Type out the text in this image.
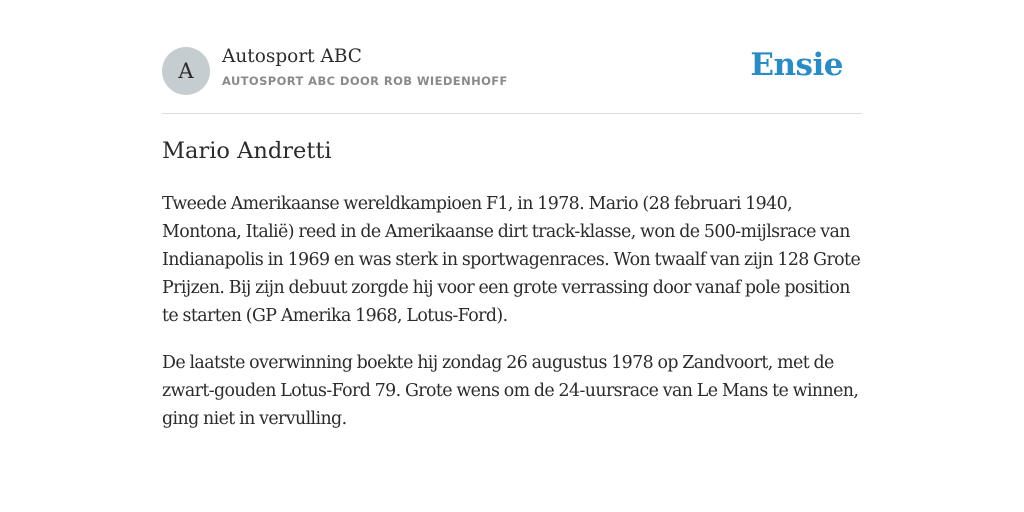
A
Autosport ABC
AUTOSPORT ABC DOOR ROB WIEDENHOFF	Ensie
Mario Andretti

Tweede Amerikaanse wereldkampioen F1, in 1978. Mario (28 februari 1940, Montona, Italië) reed in de Amerikaanse dirt track-klasse, won de 500-mijlsrace van Indianapolis in 1969 en was sterk in sportwagenraces. Won twaalf van zijn 128 Grote Prijzen. Bij zijn debuut zorgde hij voor een grote verrassing door vanaf pole position te starten (GP Amerika 1968, Lotus-Ford).

De laatste overwinning boekte hij zondag 26 augustus 1978 op Zandvoort, met de zwart-gouden Lotus-Ford 79. Grote wens om de 24-uursrace van Le Mans te winnen, ging niet in vervulling.
